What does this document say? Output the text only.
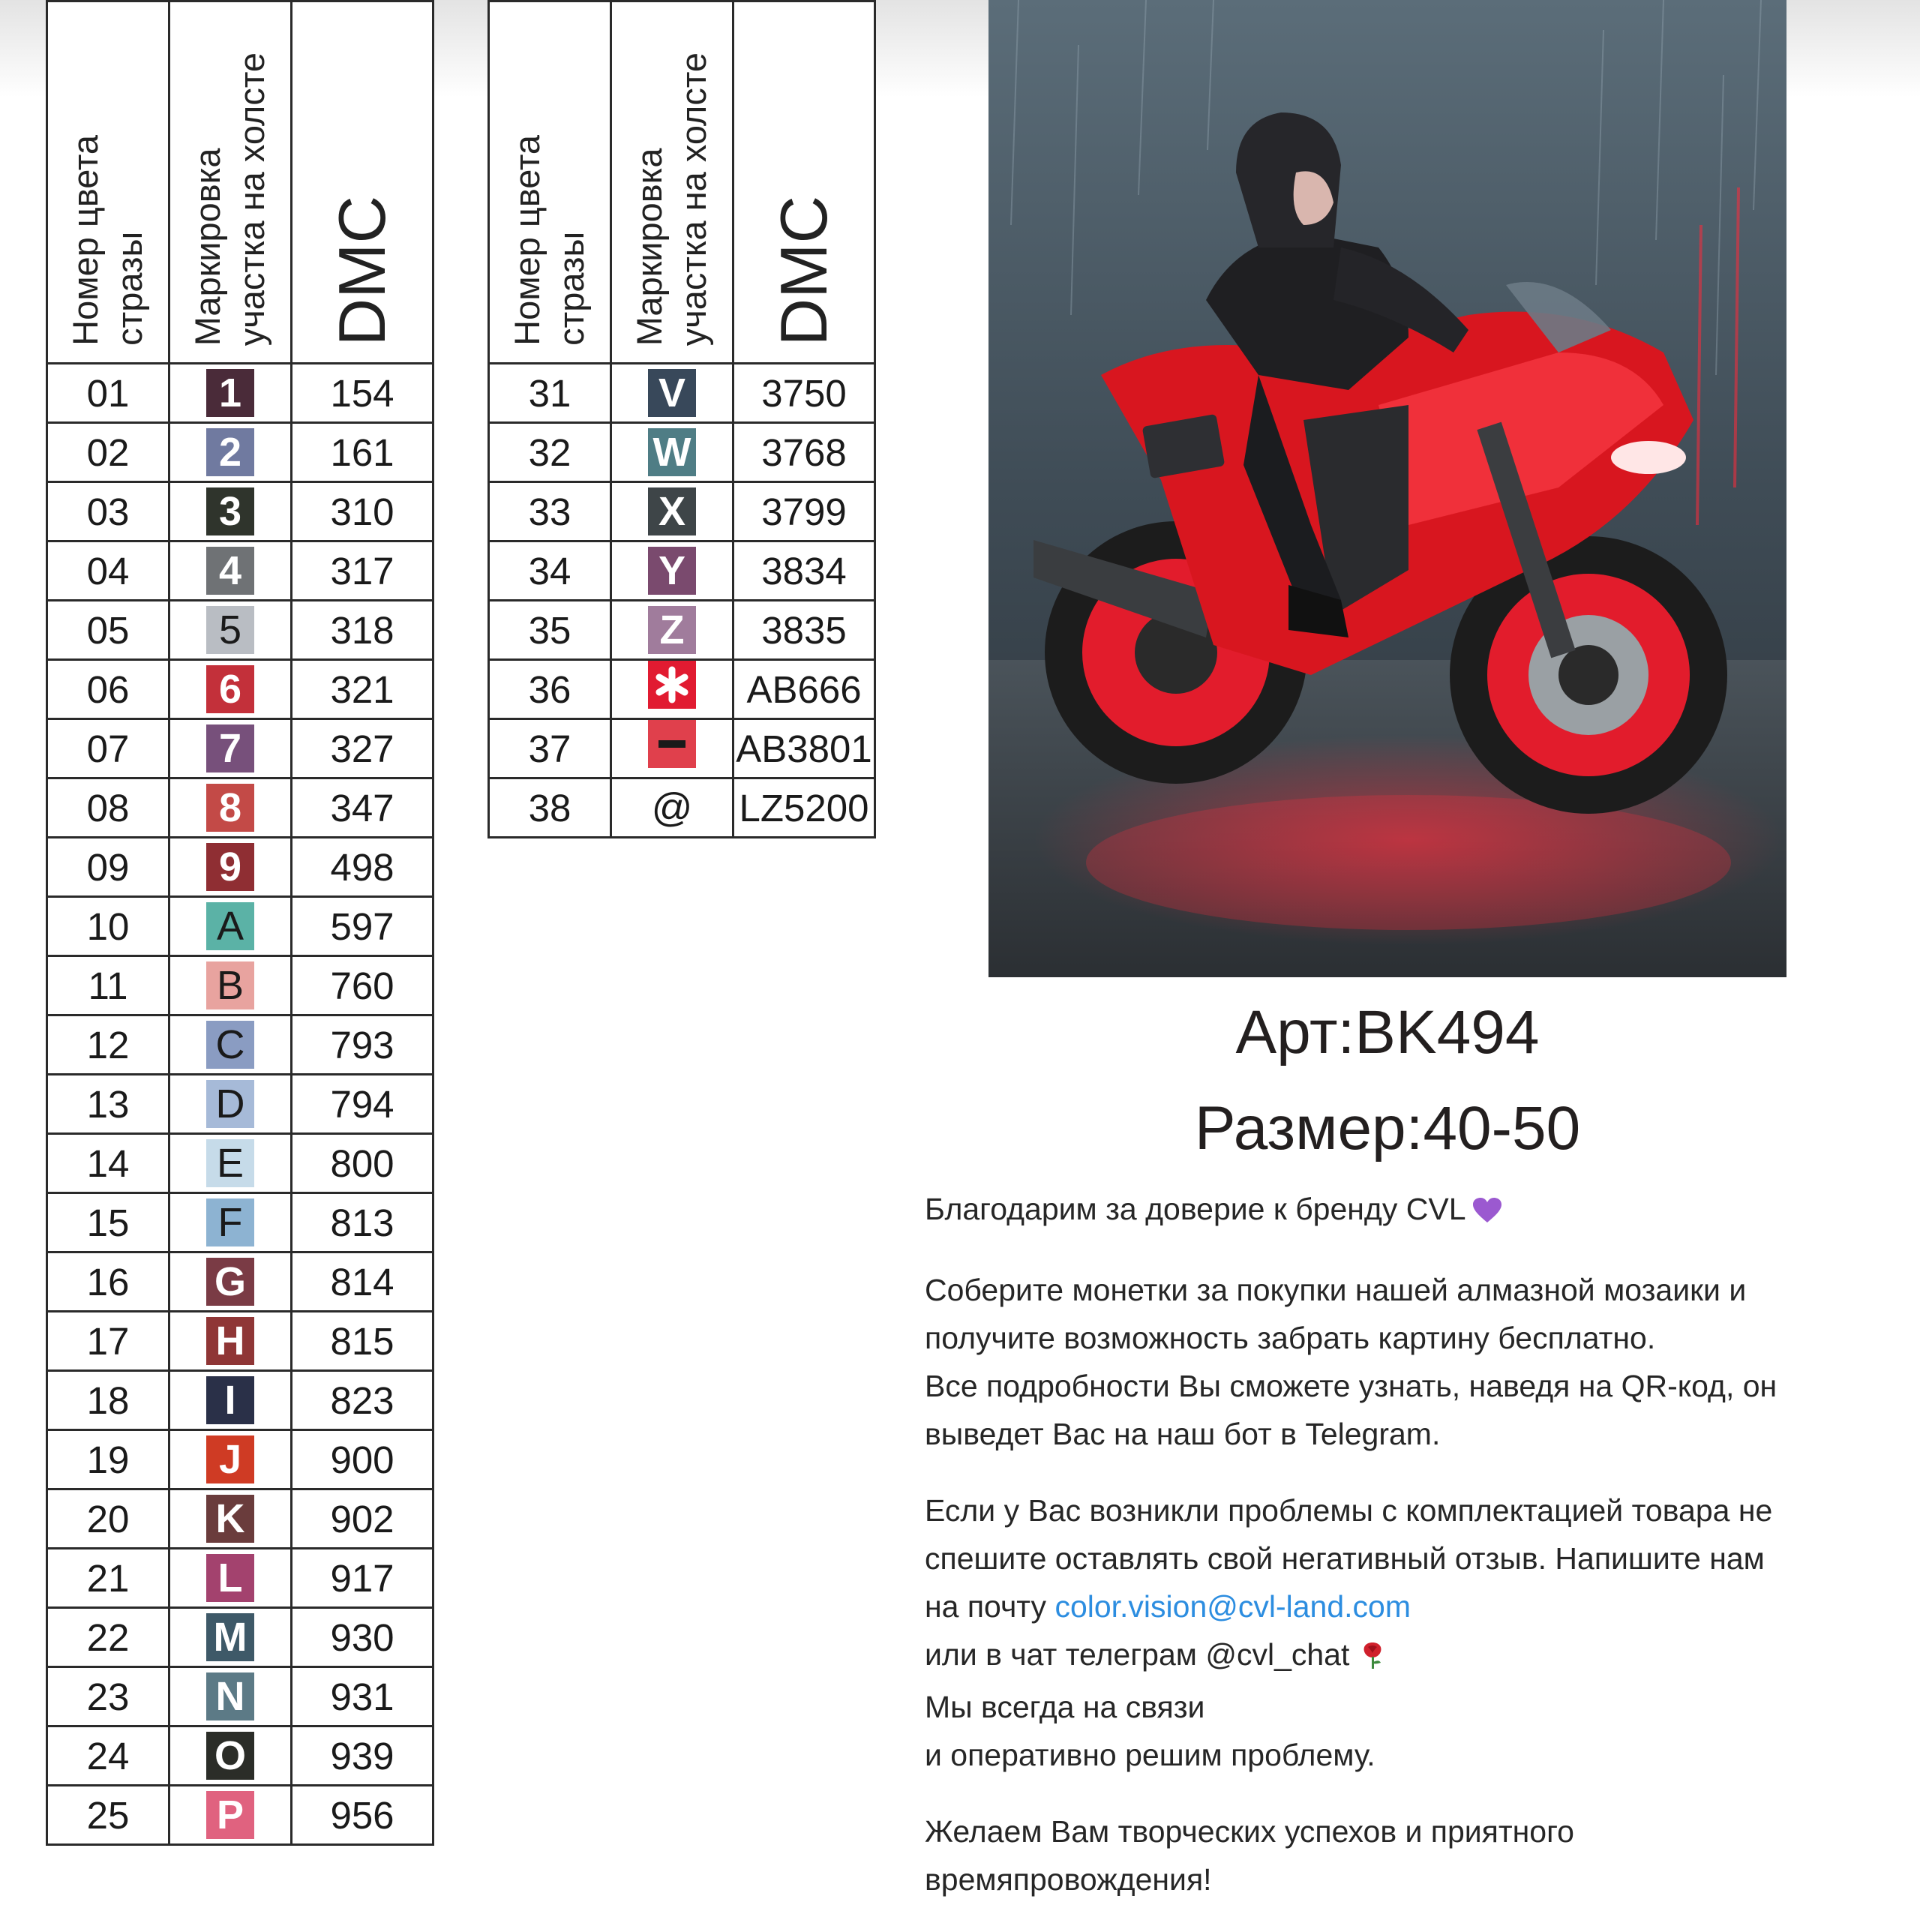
Номер цвета стразы	Маркировка участка на холсте	DMC
01	1	154
02	2	161
03	3	310
04	4	317
05	5	318
06	6	321
07	7	327
08	8	347
09	9	498
10	A	597
11	B	760
12	C	793
13	D	794
14	E	800
15	F	813
16	G	814
17	H	815
18	I	823
19	J	900
20	K	902
21	L	917
22	M	930
23	N	931
24	O	939
25	P	956
Номер цвета стразы	Маркировка участка на холсте	DMC
31	V	3750
32	W	3768
33	X	3799
34	Y	3834
35	Z	3835
36		AB666
37		AB3801
38	@	LZ5200
Арт:BK494
Размер:40-50

Благодарим за доверие к бренду CVL

Соберите монетки за покупки нашей алмазной мозаики и
получите возможность забрать картину бесплатно.
Все подробности Вы сможете узнать, наведя на QR-код, он
выведет Вас на наш бот в Telegram.

Если у Вас возникли проблемы с комплектацией товара не
спешите оставлять свой негативный отзыв. Напишите нам
на почту color.vision@cvl-land.com
или в чат телеграм @cvl_chat
Мы всегда на связи
и оперативно решим проблему.

Желаем Вам творческих успехов и приятного
времяпровождения!
